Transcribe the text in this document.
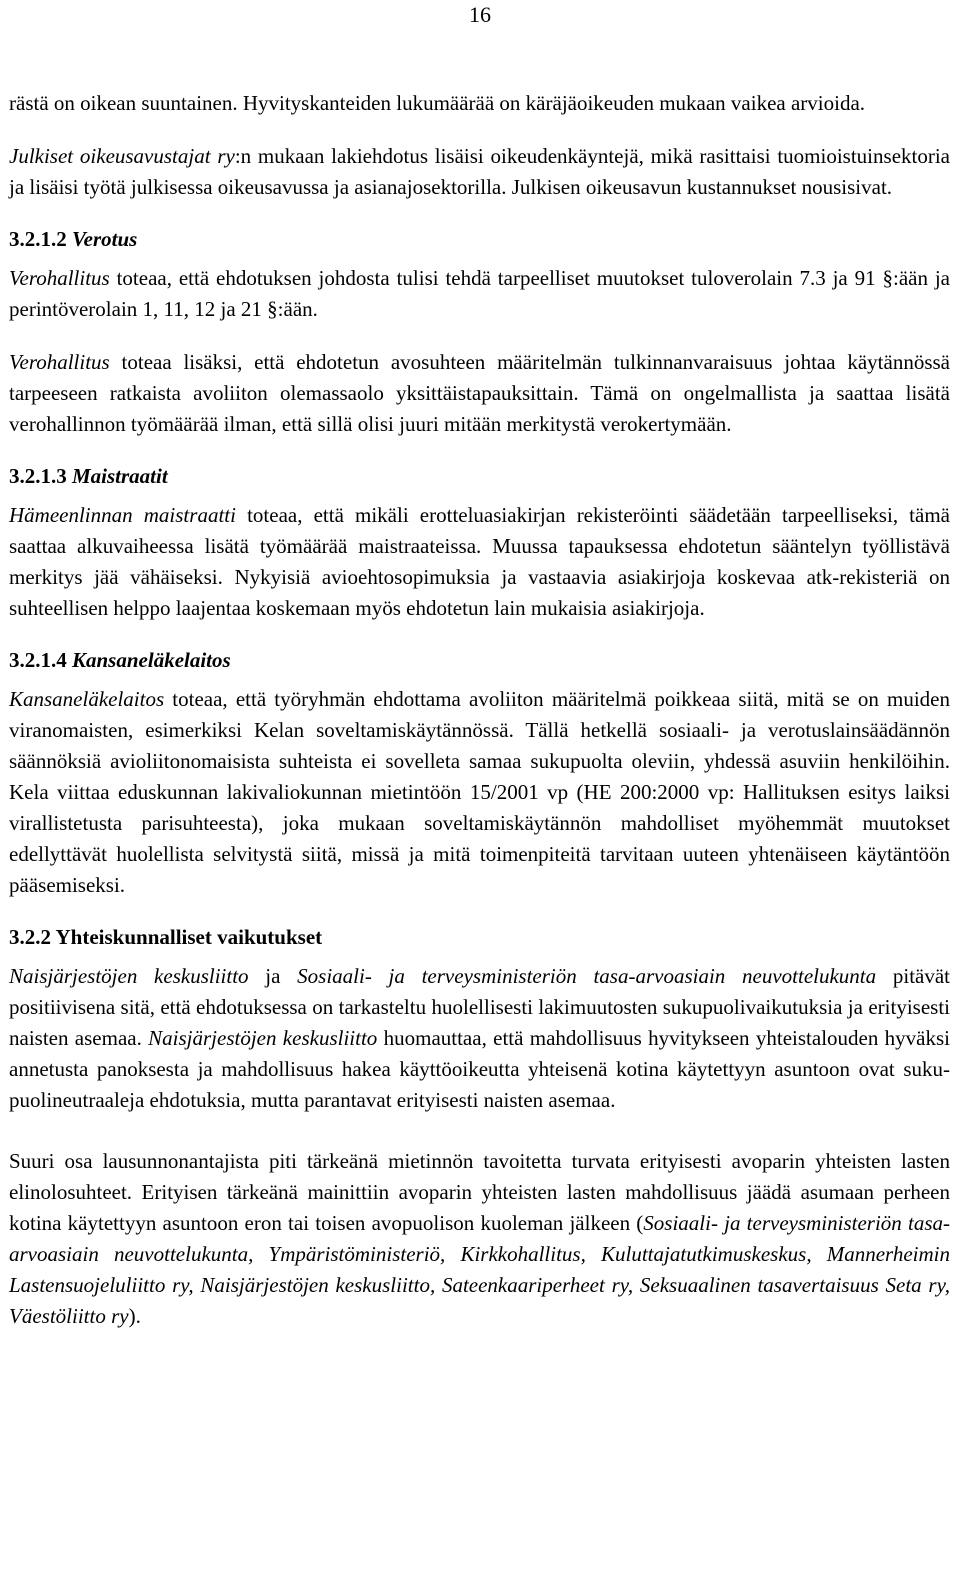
16

rästä on oikean suuntainen. Hyvityskanteiden lukumäärää on käräjäoikeuden mukaan vaikea arvioida.

Julkiset oikeusavustajat ry:n mukaan lakiehdotus lisäisi oikeudenkäyntejä, mikä rasittaisi tuomioistuinsektoria ja lisäisi työtä julkisessa oikeusavussa ja asianajosektorilla. Julkisen oikeusavun kustannukset nousisivat.

3.2.1.2 Verotus

Verohallitus toteaa, että ehdotuksen johdosta tulisi tehdä tarpeelliset muutokset tuloverolain 7.3 ja 91 §:ään ja perintöverolain 1, 11, 12 ja 21 §:ään.

Verohallitus toteaa lisäksi, että ehdotetun avosuhteen määritelmän tulkinnanvaraisuus johtaa käytännössä tarpeeseen ratkaista avoliiton olemassaolo yksittäistapauksittain. Tämä on ongelmallista ja saattaa lisätä verohallinnon työmäärää ilman, että sillä olisi juuri mitään merkitystä verokertymään.

3.2.1.3 Maistraatit

Hämeenlinnan maistraatti toteaa, että mikäli erotteluasiakirjan rekisteröinti säädetään tarpeelliseksi, tämä saattaa alkuvaiheessa lisätä työmäärää maistraateissa. Muussa tapauksessa ehdotetun sääntelyn työllistävä merkitys jää vähäiseksi. Nykyisiä avioehtosopimuksia ja vastaavia asiakirjoja koskevaa atk-rekisteriä on suhteellisen helppo laajentaa koskemaan myös ehdotetun lain mukaisia asiakirjoja.

3.2.1.4 Kansaneläkelaitos

Kansaneläkelaitos toteaa, että työryhmän ehdottama avoliiton määritelmä poikkeaa siitä, mitä se on muiden viranomaisten, esimerkiksi Kelan soveltamiskäytännössä. Tällä hetkellä sosiaali- ja verotuslainsäädännön säännöksiä avioliitonomaisista suhteista ei sovelleta samaa sukupuolta oleviin, yhdessä asuviin henkilöihin. Kela viittaa eduskunnan lakivaliokunnan mietintöön 15/2001 vp (HE 200:2000 vp: Hallituksen esitys laiksi virallistetusta parisuhteesta), joka mukaan soveltamiskäytännön mahdolliset myöhemmät muutokset edellyttävät huolellista selvitystä siitä, missä ja mitä toimenpiteitä tarvitaan uuteen yhtenäiseen käytäntöön pääsemiseksi.

3.2.2 Yhteiskunnalliset vaikutukset

Naisjärjestöjen keskusliitto ja Sosiaali- ja terveysministeriön tasa-arvoasiain neuvottelukunta pitävät positiivisena sitä, että ehdotuksessa on tarkasteltu huolellisesti lakimuutosten sukupuolivaikutuksia ja erityisesti naisten asemaa. Naisjärjestöjen keskusliitto huomauttaa, että mahdollisuus hyvitykseen yhteistalouden hyväksi annetusta panoksesta ja mahdollisuus hakea käyttöoikeutta yhteisenä kotina käytettyyn asuntoon ovat sukupuolineutraaleja ehdotuksia, mutta parantavat erityisesti naisten asemaa.

Suuri osa lausunnonantajista piti tärkeänä mietinnön tavoitetta turvata erityisesti avoparin yhteisten lasten elinolosuhteet. Erityisen tärkeänä mainittiin avoparin yhteisten lasten mahdollisuus jäädä asumaan perheen kotina käytettyyn asuntoon eron tai toisen avopuolison kuoleman jälkeen (Sosiaali- ja terveysministeriön tasa-arvoasiain neuvottelukunta, Ympäristöministeriö, Kirkkohallitus, Kuluttajatutkimuskeskus, Mannerheimin Lastensuojeluliitto ry, Naisjärjestöjen keskusliitto, Sateenkaariperheet ry, Seksuaalinen tasavertaisuus Seta ry, Väestöliitto ry).
